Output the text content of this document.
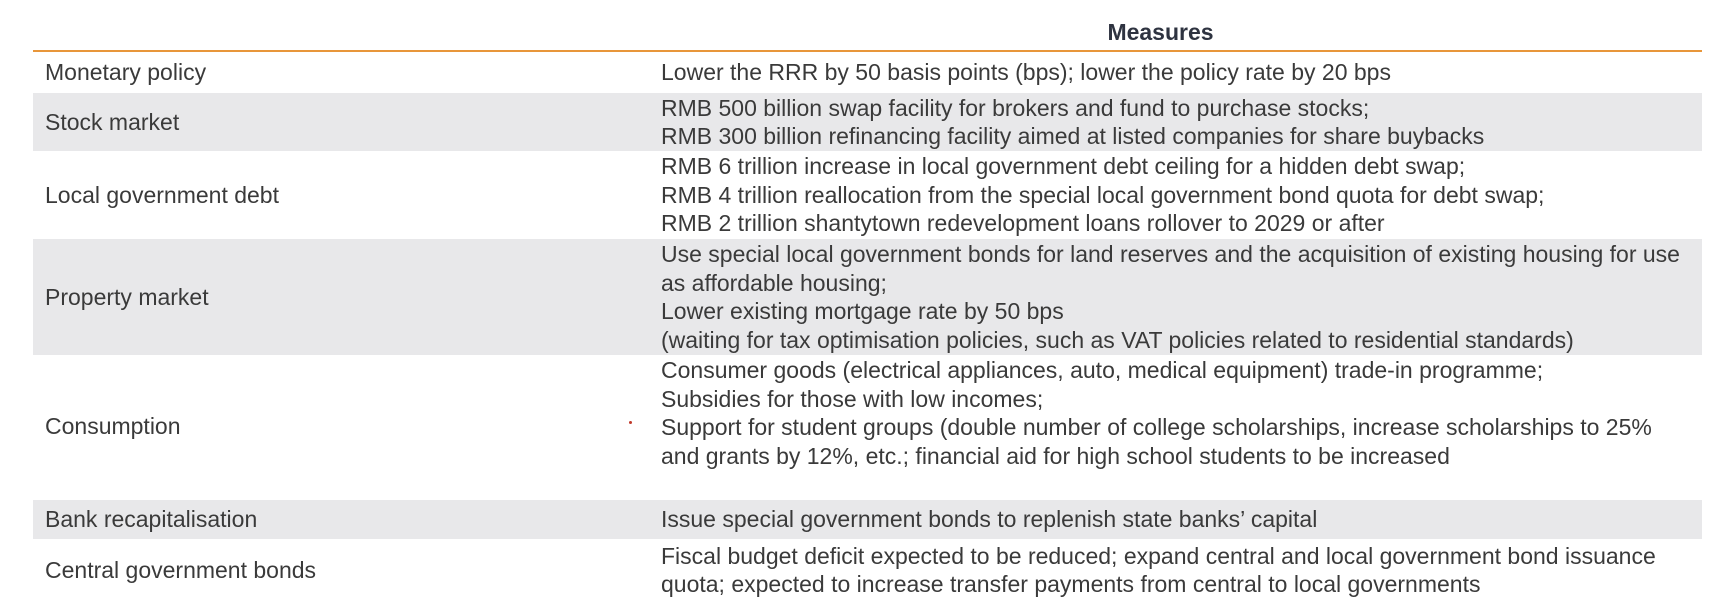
Measures
Monetary policy	Lower the RRR by 50 basis points (bps); lower the policy rate by 20 bps
Stock market
RMB 500 billion swap facility for brokers and fund to purchase stocks;
RMB 300 billion refinancing facility aimed at listed companies for share buybacks
Local government debt
RMB 6 trillion increase in local government debt ceiling for a hidden debt swap;
RMB 4 trillion reallocation from the special local government bond quota for debt swap;
RMB 2 trillion shantytown redevelopment loans rollover to 2029 or after
Property market
Use special local government bonds for land reserves and the acquisition of existing housing for use as affordable housing;
Lower existing mortgage rate by 50 bps
(waiting for tax optimisation policies, such as VAT policies related to residential standards)
Consumption
Consumer goods (electrical appliances, auto, medical equipment) trade-in programme;
Subsidies for those with low incomes;
Support for student groups (double number of college scholarships, increase scholarships to 25% and grants by 12%, etc.; financial aid for high school students to be increased
Bank recapitalisation	Issue special government bonds to replenish state banks’ capital
Central government bonds
Fiscal budget deficit expected to be reduced; expand central and local government bond issuance quota; expected to increase transfer payments from central to local governments
